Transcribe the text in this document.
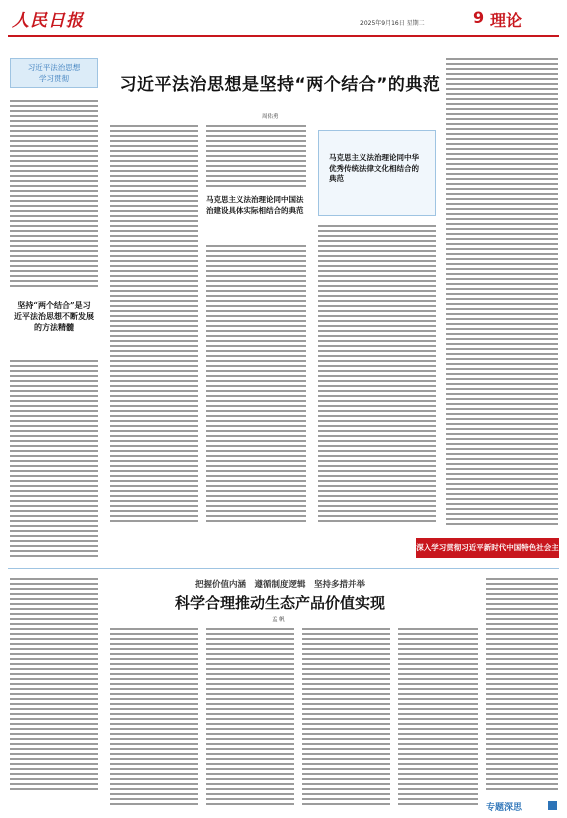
人民日报	2025年9月16日 星期二	9 理论
习近平法治思想
学习贯彻
坚持“两个结合”是习近平法治思想不断发展的方法精髓
习近平法治思想是坚持“两个结合”的典范
周佑勇
马克思主义法治理论同中国法治建设具体实际相结合的典范
马克思主义法治理论同中华优秀传统法律文化相结合的典范
深入学习贯彻习近平新时代中国特色社会主
把握价值内涵　遵循制度逻辑　坚持多措并举
科学合理推动生态产品价值实现
孟 帆
专题深思
